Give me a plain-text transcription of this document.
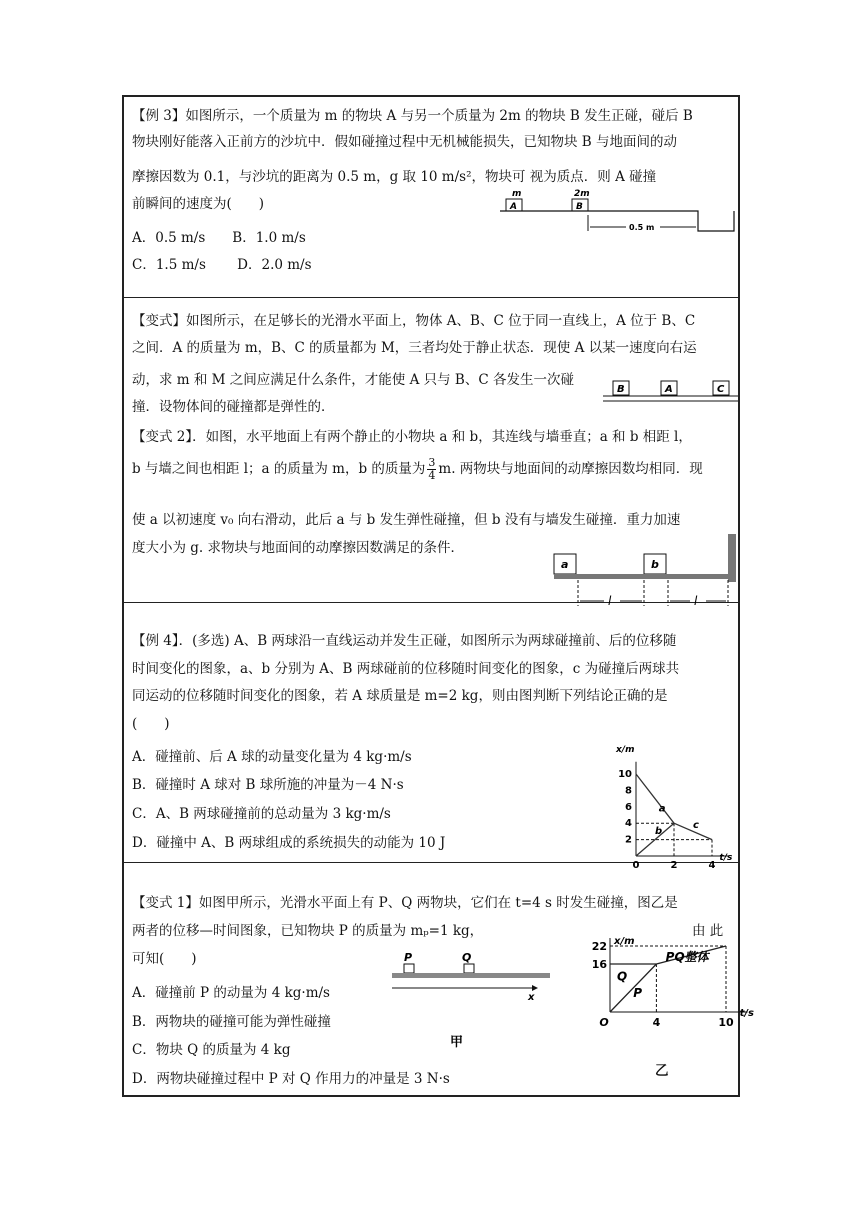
【例 3】如图所示，一个质量为 m 的物块 A 与另一个质量为 2m 的物块 B 发生正碰，碰后 B
物块刚好能落入正前方的沙坑中．假如碰撞过程中无机械能损失，已知物块 B 与地面间的动
摩擦因数为 0.1，与沙坑的距离为 0.5 m，g 取 10 m/s²，物块可 视为质点．则 A 碰撞
前瞬间的速度为(　　)
A．0.5 m/s　　B．1.0 m/s
C．1.5 m/s　　 D．2.0 m/s
m
A
2m
B
0.5 m
【变式】如图所示，在足够长的光滑水平面上，物体 A、B、C 位于同一直线上，A 位于 B、C
之间．A 的质量为 m，B、C 的质量都为 M，三者均处于静止状态．现使 A 以某一速度向右运
动，求 m 和 M 之间应满足什么条件，才能使 A 只与 B、C 各发生一次碰
撞．设物体间的碰撞都是弹性的．
B	A	C
【变式 2】．如图，水平地面上有两个静止的小物块 a 和 b，其连线与墙垂直；a 和 b 相距 l，
b 与墙之间也相距 l；a 的质量为 m，b 的质量为 $\frac{3}{4} m$. 两物块与地面间的动摩擦因数均相同．现
使 a 以初速度 v₀ 向右滑动，此后 a 与 b 发生弹性碰撞，但 b 没有与墙发生碰撞．重力加速
度大小为 g. 求物块与地面间的动摩擦因数满足的条件．
a	b
l	l
【例 4】．(多选) A、B 两球沿一直线运动并发生正碰，如图所示为两球碰撞前、后的位移随
时间变化的图象，a、b 分别为 A、B 两球碰前的位移随时间变化的图象，c 为碰撞后两球共
同运动的位移随时间变化的图象，若 A 球质量是 m=2 kg，则由图判断下列结论正确的是
(　　)
A．碰撞前、后 A 球的动量变化量为 4 kg·m/s
B．碰撞时 A 球对 B 球所施的冲量为－4 N·s
C．A、B 两球碰撞前的总动量为 3 kg·m/s
D．碰撞中 A、B 两球组成的系统损失的动能为 10 J
x/m
t/s
2
4
6
8
10
0	2	4
a
b
c
【变式 1】如图甲所示，光滑水平面上有 P、Q 两物块，它们在 t=4 s 时发生碰撞，图乙是
两者的位移—时间图象，已知物块 P 的质量为 mₚ=1 kg，	由 此
可知(　　)
A．碰撞前 P 的动量为 4 kg·m/s
B．两物块的碰撞可能为弹性碰撞
C．物块 Q 的质量为 4 kg
D．两物块碰撞过程中 P 对 Q 作用力的冲量是 3 N·s
P	Q
x
甲
x/m
t/s
16
22
O	4	10
P
Q
PQ整体
乙
